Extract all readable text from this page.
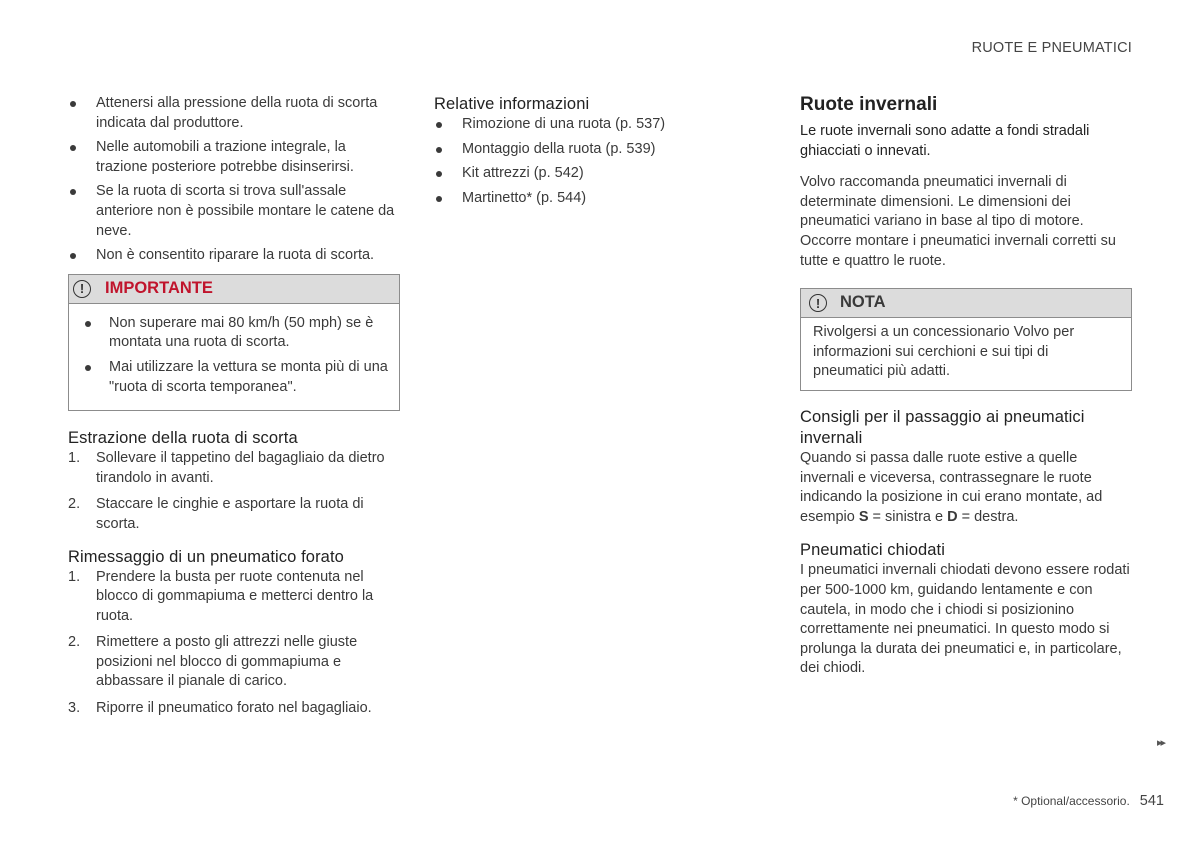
RUOTE E PNEUMATICI
Attenersi alla pressione della ruota di scorta indicata dal produttore.
Nelle automobili a trazione integrale, la trazione posteriore potrebbe disinserirsi.
Se la ruota di scorta si trova sull'assale anteriore non è possibile montare le catene da neve.
Non è consentito riparare la ruota di scorta.
!	IMPORTANTE
Non superare mai 80 km/h (50 mph) se è montata una ruota di scorta.
Mai utilizzare la vettura se monta più di una "ruota di scorta temporanea".
Estrazione della ruota di scorta
1. Sollevare il tappetino del bagagliaio da dietro tirandolo in avanti.
2. Staccare le cinghie e asportare la ruota di scorta.
Rimessaggio di un pneumatico forato
1. Prendere la busta per ruote contenuta nel blocco di gommapiuma e metterci dentro la ruota.
2. Rimettere a posto gli attrezzi nelle giuste posizioni nel blocco di gommapiuma e abbassare il pianale di carico.
3. Riporre il pneumatico forato nel bagagliaio.
Relative informazioni
Rimozione di una ruota (p. 537)
Montaggio della ruota (p. 539)
Kit attrezzi (p. 542)
Martinetto* (p. 544)
Ruote invernali

Le ruote invernali sono adatte a fondi stradali ghiacciati o innevati.

Volvo raccomanda pneumatici invernali di determinate dimensioni. Le dimensioni dei pneumatici variano in base al tipo di motore. Occorre montare i pneumatici invernali corretti su tutte e quattro le ruote.

!	NOTA

Rivolgersi a un concessionario Volvo per informazioni sui cerchioni e sui tipi di pneumatici più adatti.

Consigli per il passaggio ai pneumatici invernali

Quando si passa dalle ruote estive a quelle invernali e viceversa, contrassegnare le ruote indicando la posizione in cui erano montate, ad esempio S = sinistra e D = destra.

Pneumatici chiodati

I pneumatici invernali chiodati devono essere rodati per 500-1000 km, guidando lentamente e con cautela, in modo che i chiodi si posizionino correttamente nei pneumatici. In questo modo si prolunga la durata dei pneumatici e, in particolare, dei chiodi.

▸▸
* Optional/accessorio. 541
